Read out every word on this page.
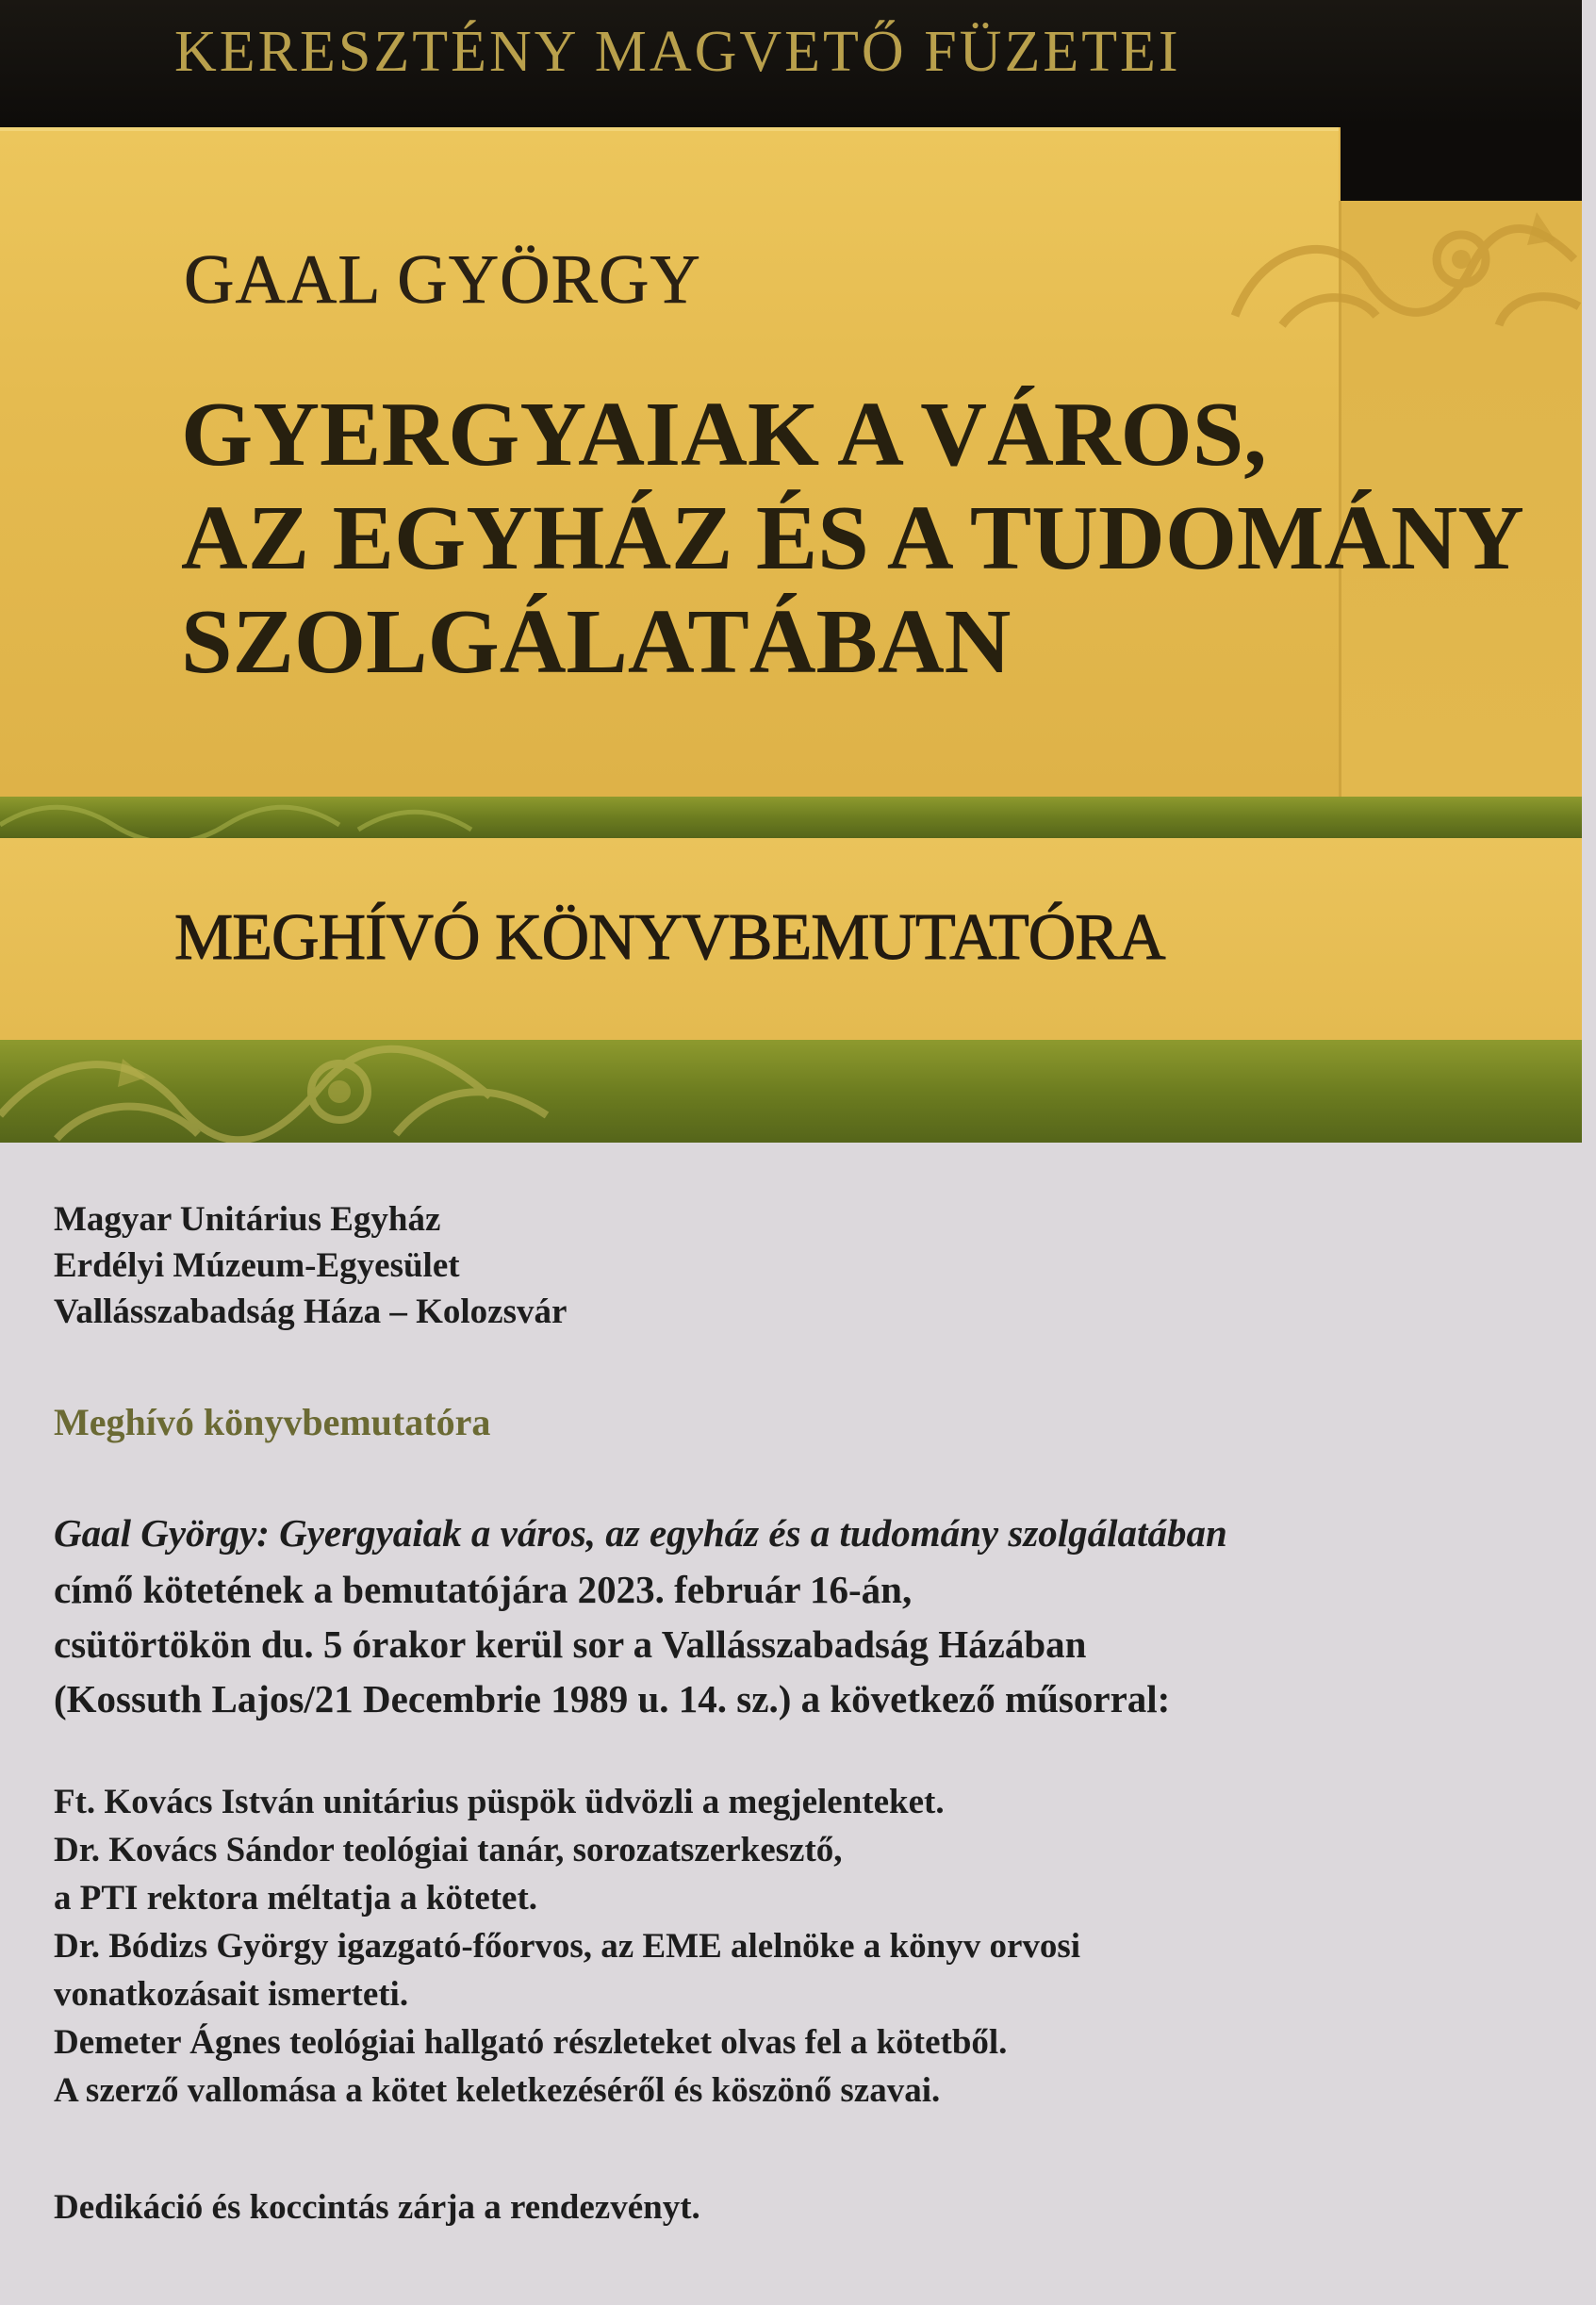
KERESZTÉNY MAGVETŐ FÜZETEI
GAAL GYÖRGY
GYERGYAIAK A VÁROS,
AZ EGYHÁZ ÉS A TUDOMÁNY
SZOLGÁLATÁBAN
MEGHÍVÓ KÖNYVBEMUTATÓRA
Magyar Unitárius Egyház
Erdélyi Múzeum-Egyesület
Vallásszabadság Háza – Kolozsvár
Meghívó könyvbemutatóra
Gaal György: Gyergyaiak a város, az egyház és a tudomány szolgálatában
címő kötetének a bemutatójára 2023. február 16-án,
csütörtökön du. 5 órakor kerül sor a Vallásszabadság Házában
(Kossuth Lajos/21 Decembrie 1989 u. 14. sz.) a következő műsorral:
Ft. Kovács István unitárius püspök üdvözli a megjelenteket.
Dr. Kovács Sándor teológiai tanár, sorozatszerkesztő,
a PTI rektora méltatja a kötetet.
Dr. Bódizs György igazgató-főorvos, az EME alelnöke a könyv orvosi
vonatkozásait ismerteti.
Demeter Ágnes teológiai hallgató részleteket olvas fel a kötetből.
A szerző vallomása a kötet keletkezéséről és köszönő szavai.
Dedikáció és koccintás zárja a rendezvényt.
